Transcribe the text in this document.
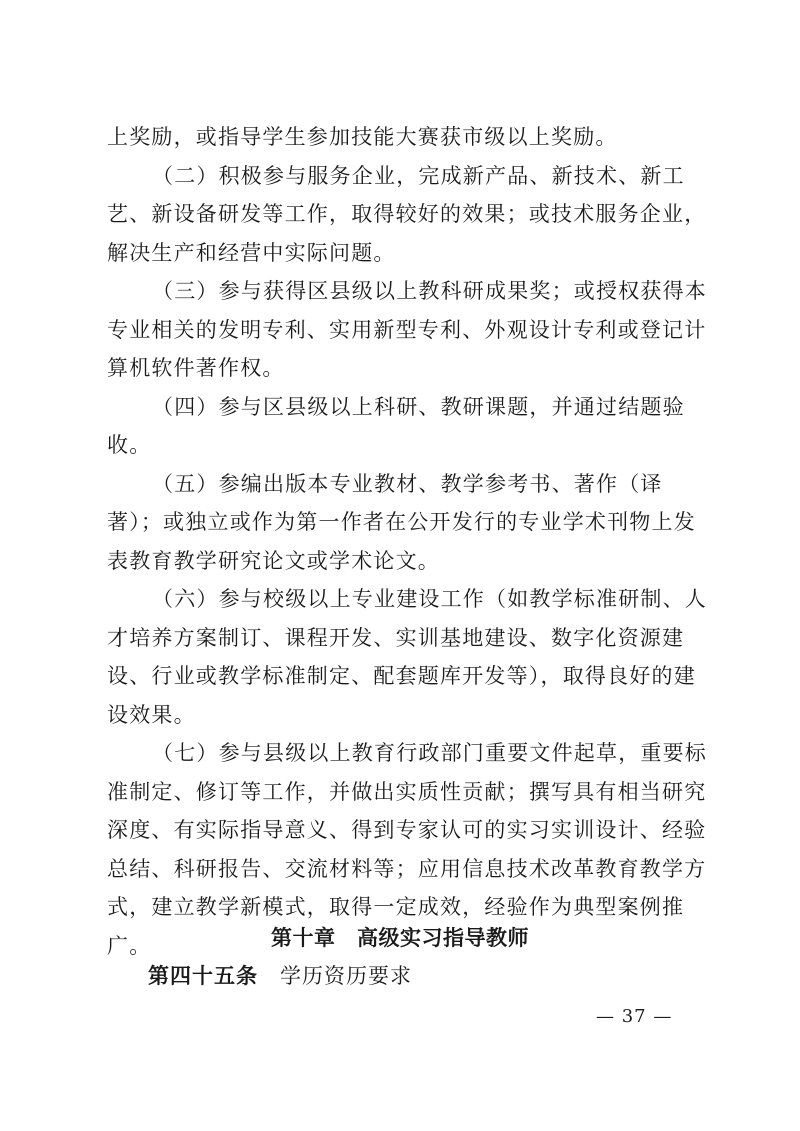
上奖励，或指导学生参加技能大赛获市级以上奖励。

（二）积极参与服务企业，完成新产品、新技术、新工艺、新设备研发等工作，取得较好的效果；或技术服务企业，解决生产和经营中实际问题。

（三）参与获得区县级以上教科研成果奖；或授权获得本专业相关的发明专利、实用新型专利、外观设计专利或登记计算机软件著作权。

（四）参与区县级以上科研、教研课题，并通过结题验收。

（五）参编出版本专业教材、教学参考书、著作（译著）；或独立或作为第一作者在公开发行的专业学术刊物上发表教育教学研究论文或学术论文。

（六）参与校级以上专业建设工作（如教学标准研制、人才培养方案制订、课程开发、实训基地建设、数字化资源建设、行业或教学标准制定、配套题库开发等），取得良好的建设效果。

（七）参与县级以上教育行政部门重要文件起草，重要标准制定、修订等工作，并做出实质性贡献；撰写具有相当研究深度、有实际指导意义、得到专家认可的实习实训设计、经验总结、科研报告、交流材料等；应用信息技术改革教育教学方式，建立教学新模式，取得一定成效，经验作为典型案例推广。	第十章　高级实习指导教师
第四十五条 学历资历要求
— 37 —
